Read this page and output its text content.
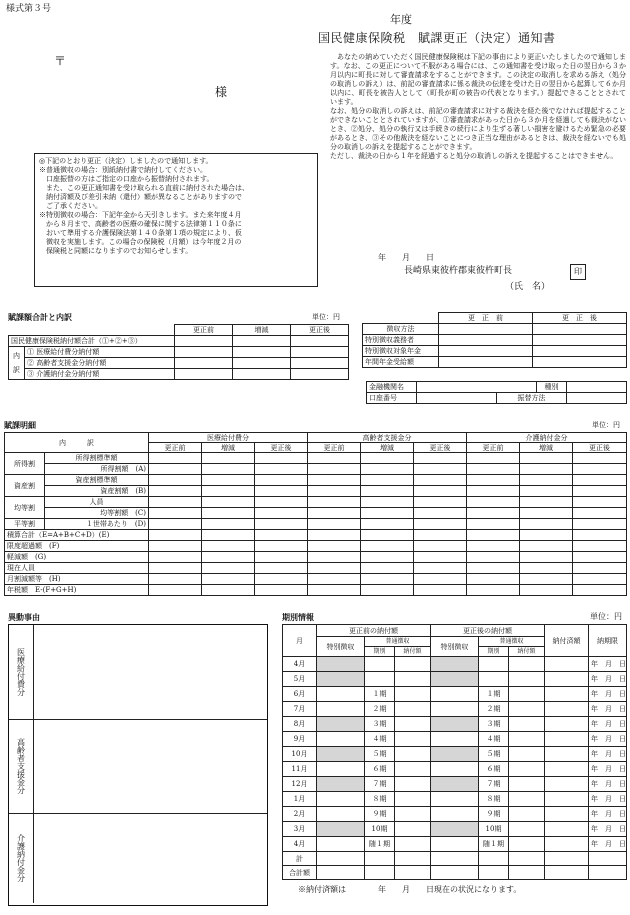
様式第３号
年度
国民健康保険税　賦課更正（決定）通知書
〒
様

あなたの納めていただく国民健康保険税は下記の事由により更正いたしましたので通知します。なお、この更正について不服がある場合には、この通知書を受け取った日の翌日から３か月以内に町長に対して審査請求をすることができます。この決定の取消しを求める訴え（処分の取消しの訴え）は、前記の審査請求に係る裁決の伝達を受けた日の翌日から起算して６か月以内に、町長を被告人として（町長が町の被告の代表となります。）提起できることとされています。

なお、処分の取消しの訴えは、前記の審査請求に対する裁決を経た後でなければ提起することができないこととされていますが、①審査請求があった日から３か月を経過しても裁決がないとき、②処分、処分の執行又は手続きの続行により生ずる著しい損害を避けるため緊急の必要があるとき、③その他裁決を経ないことにつき正当な理由があるときは、裁決を経ないでも処分の取消しの訴えを提起することができます。

ただし、裁決の日から１年を経過すると処分の取消しの訴えを提起することはできません。

◎下記のとおり更正（決定）しましたので通知します。
※普通徴収の場合：別紙納付書で納付してください。
　口座振替の方はご指定の口座から振替納付されます。
　また、この更正通知書を受け取られる直前に納付された場合は、
　納付済額及び差引未納（還付）額が異なることがありますので
　ご了承ください。
※特別徴収の場合：下記年金から天引きします。また来年度４月
　から８月まで、高齢者の医療の確保に関する法律第１１０条に
　おいて準用する介護保険法第１４０条第１項の規定により、仮
　徴収を実施します。この場合の保険税（月額）は今年度２月の
　保険税と同額になりますのでお知らせします。
年　　月　　日
長崎県東彼杵郡東彼杵町長	印
（氏　名）
賦課額合計と内訳	単位：円
		更正前	増減	更正後
国民健康保険税納付額合計（①+②+③）				
内
訳	① 医療給付費分納付額			
	② 高齢者支援金分納付額			
	③ 介護納付金分納付額			
	更　正　前	更　正　後
徴収方法		
特別徴収義務者		
特別徴収対象年金		
年間年金受給額		
金融機関名			種別	
口座番号		振替方法		
賦課明細	単位：円
内　　　訳		医療給付費分			高齢者支援金分			介護納付金分		
		更正前	増減	更正後	更正前	増減	更正後	更正前	増減	更正後
所得割	所得割標準額									
	所得割額　(A)									
資産割	資産割標準額									
	資産割額　(B)									
均等割	人員									
	均等割額　(C)									
平等割	１世帯あたり　(D)									
積算合計（E=A+B+C+D）(E)										
限度超過額　(F)										
軽減額　(G)										
現在人員										
月割減額等　(H)										
年税額　E-(F+G+H)										
異動事由
医療給付費分
高齢者支援金分
介護納付金分
期別情報	単位：円
月	更正前の納付額			更正後の納付額			納付済額	納期限
	特別徴収	普通徴収		特別徴収	普通徴収			
		期別	納付額		期別	納付額		
4月								年　月　日
5月								年　月　日
6月		１期			１期			年　月　日
7月		２期			２期			年　月　日
8月		３期			３期			年　月　日
9月		４期			４期			年　月　日
10月		５期			５期			年　月　日
11月		６期			６期			年　月　日
12月		７期			７期			年　月　日
1月		８期			８期			年　月　日
2月		９期			９期			年　月　日
3月		10期			10期			年　月　日
4月		随１期			随１期			年　月　日
計								
合計額								
※納付済額は　　　　年　　月　　日現在の状況になります。
